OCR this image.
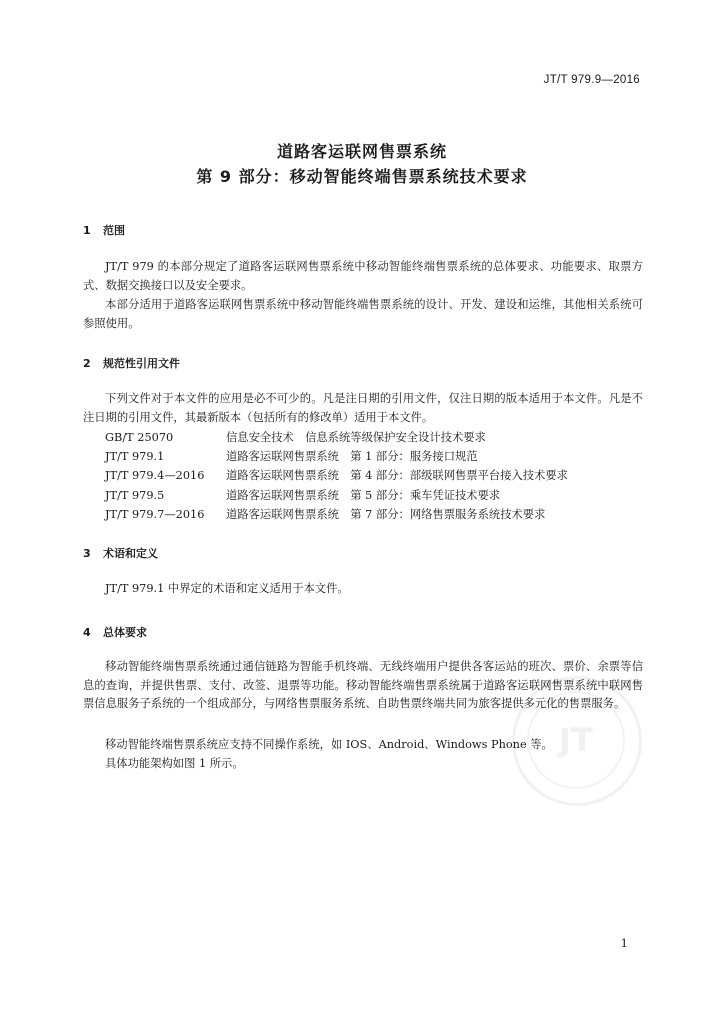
JT/T 979.9—2016
道路客运联网售票系统
第 9 部分：移动智能终端售票系统技术要求
1 范围
JT/T 979 的本部分规定了道路客运联网售票系统中移动智能终端售票系统的总体要求、功能要求、取票方式、数据交换接口以及安全要求。
本部分适用于道路客运联网售票系统中移动智能终端售票系统的设计、开发、建设和运维，其他相关系统可参照使用。
2 规范性引用文件
下列文件对于本文件的应用是必不可少的。凡是注日期的引用文件，仅注日期的版本适用于本文件。凡是不注日期的引用文件，其最新版本（包括所有的修改单）适用于本文件。
GB/T 25070	信息安全技术　信息系统等级保护安全设计技术要求
JT/T 979.1	道路客运联网售票系统　第 1 部分：服务接口规范
JT/T 979.4—2016	道路客运联网售票系统　第 4 部分：部级联网售票平台接入技术要求
JT/T 979.5	道路客运联网售票系统　第 5 部分：乘车凭证技术要求
JT/T 979.7—2016	道路客运联网售票系统　第 7 部分：网络售票服务系统技术要求
3 术语和定义
JT/T 979.1 中界定的术语和定义适用于本文件。
4 总体要求
JT
移动智能终端售票系统通过通信链路为智能手机终端、无线终端用户提供各客运站的班次、票价、余票等信息的查询，并提供售票、支付、改签、退票等功能。移动智能终端售票系统属于道路客运联网售票系统中联网售票信息服务子系统的一个组成部分，与网络售票服务系统、自助售票终端共同为旅客提供多元化的售票服务。
移动智能终端售票系统应支持不同操作系统，如 IOS、Android、Windows Phone 等。
具体功能架构如图 1 所示。
1
